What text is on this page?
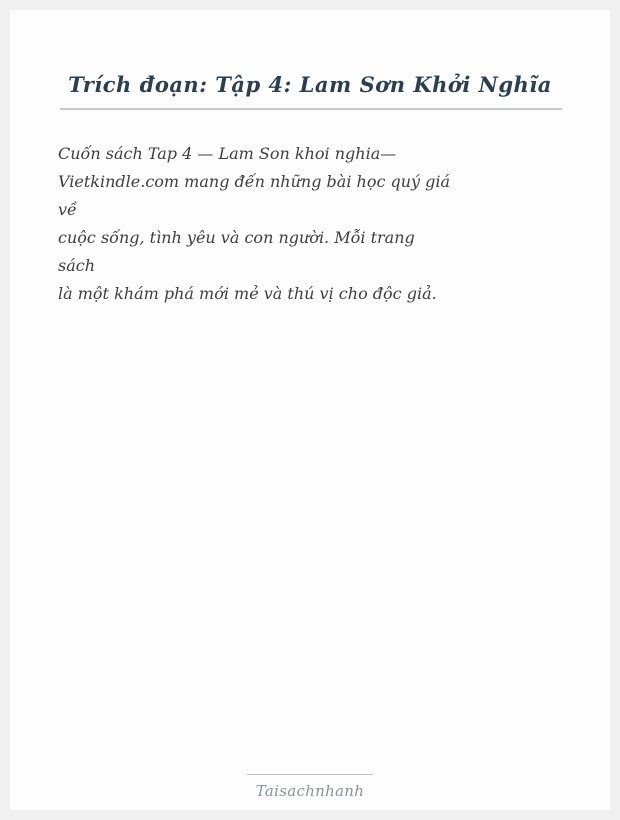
Trích đoạn: Tập 4: Lam Sơn Khởi Nghĩa
Cuốn sách Tap 4 — Lam Son khoi nghia—
Vietkindle.com mang đến những bài học quý giá
về
cuộc sống, tình yêu và con người. Mỗi trang
sách
là một khám phá mới mẻ và thú vị cho độc giả.
Taisachnhanh
